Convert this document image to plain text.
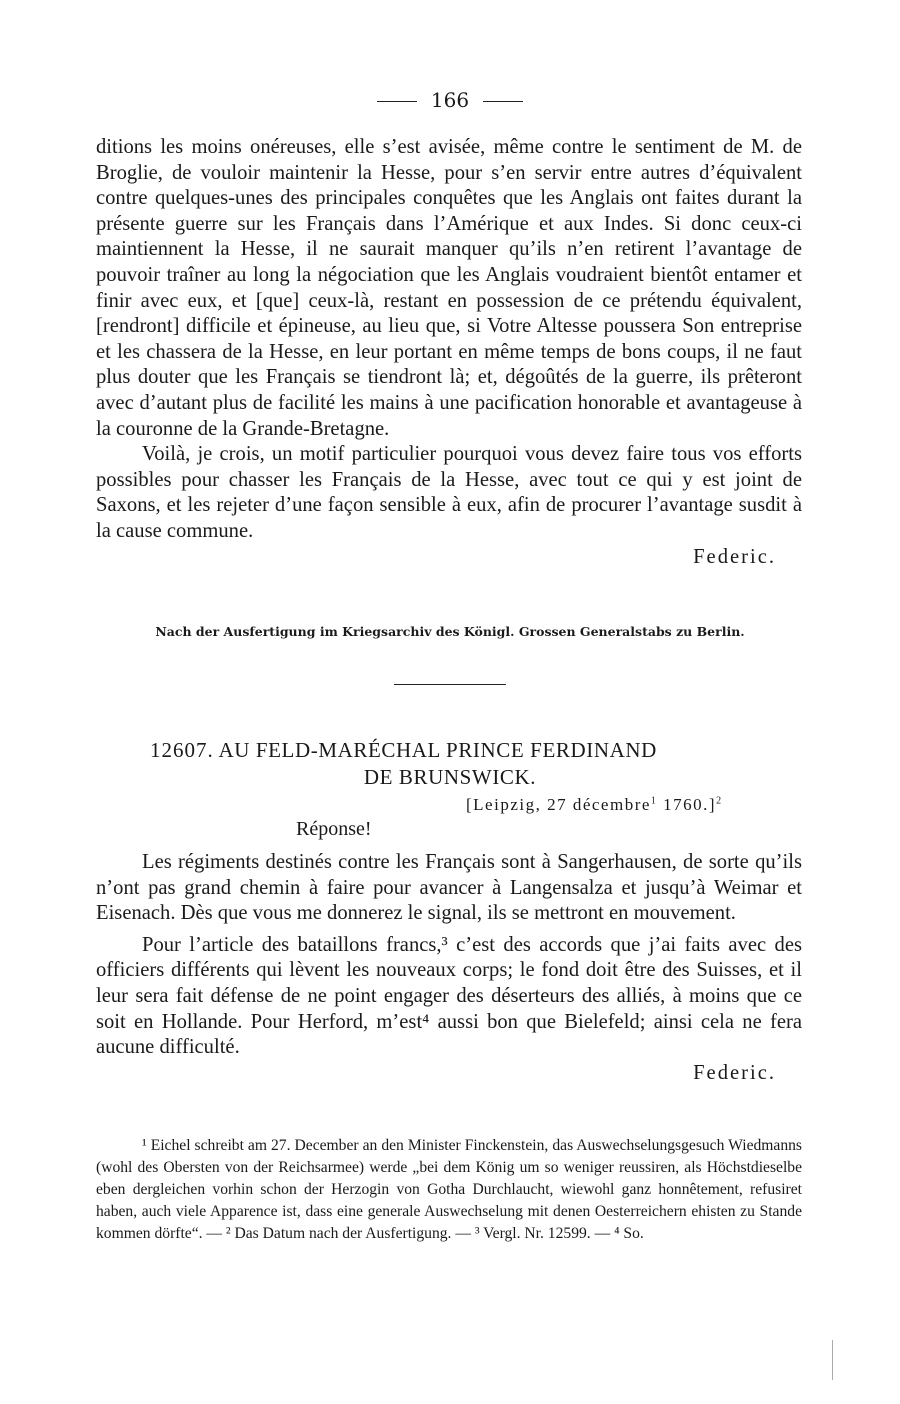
166

ditions les moins onéreuses, elle s’est avisée, même contre le sentiment de M. de Broglie, de vouloir maintenir la Hesse, pour s’en servir entre autres d’équivalent contre quelques-unes des principales conquêtes que les Anglais ont faites durant la présente guerre sur les Français dans l’Amérique et aux Indes. Si donc ceux-ci maintiennent la Hesse, il ne saurait manquer qu’ils n’en retirent l’avantage de pouvoir traîner au long la négociation que les Anglais voudraient bientôt entamer et finir avec eux, et [que] ceux-là, restant en possession de ce prétendu équivalent, [rendront] difficile et épineuse, au lieu que, si Votre Altesse poussera Son entreprise et les chassera de la Hesse, en leur portant en même temps de bons coups, il ne faut plus douter que les Français se tiendront là; et, dégoûtés de la guerre, ils prêteront avec d’autant plus de facilité les mains à une pacification honorable et avantageuse à la couronne de la Grande-Bretagne.

Voilà, je crois, un motif particulier pourquoi vous devez faire tous vos efforts possibles pour chasser les Français de la Hesse, avec tout ce qui y est joint de Saxons, et les rejeter d’une façon sensible à eux, afin de procurer l’avantage susdit à la cause commune.

Federic.

Nach der Ausfertigung im Kriegsarchiv des Königl. Grossen Generalstabs zu Berlin.
12607. AU FELD-MARÉCHAL PRINCE FERDINAND
DE BRUNSWICK.
[Leipzig, 27 décembre$^1$ 1760.]$^2$
Réponse!

Les régiments destinés contre les Français sont à Sangerhausen, de sorte qu’ils n’ont pas grand chemin à faire pour avancer à Langensalza et jusqu’à Weimar et Eisenach. Dès que vous me donnerez le signal, ils se mettront en mouvement.

Pour l’article des bataillons francs,³ c’est des accords que j’ai faits avec des officiers différents qui lèvent les nouveaux corps; le fond doit être des Suisses, et il leur sera fait défense de ne point engager des déserteurs des alliés, à moins que ce soit en Hollande. Pour Herford, m’est⁴ aussi bon que Bielefeld; ainsi cela ne fera aucune difficulté.

Federic.

¹ Eichel schreibt am 27. December an den Minister Finckenstein, das Auswechselungsgesuch Wiedmanns (wohl des Obersten von der Reichsarmee) werde „bei dem König um so weniger reussiren, als Höchstdieselbe eben dergleichen vorhin schon der Herzogin von Gotha Durchlaucht, wiewohl ganz honnêtement, refusiret haben, auch viele Apparence ist, dass eine generale Auswechselung mit denen Oesterreichern ehisten zu Stande kommen dörfte“. — ² Das Datum nach der Ausfertigung. — ³ Vergl. Nr. 12599. — ⁴ So.
